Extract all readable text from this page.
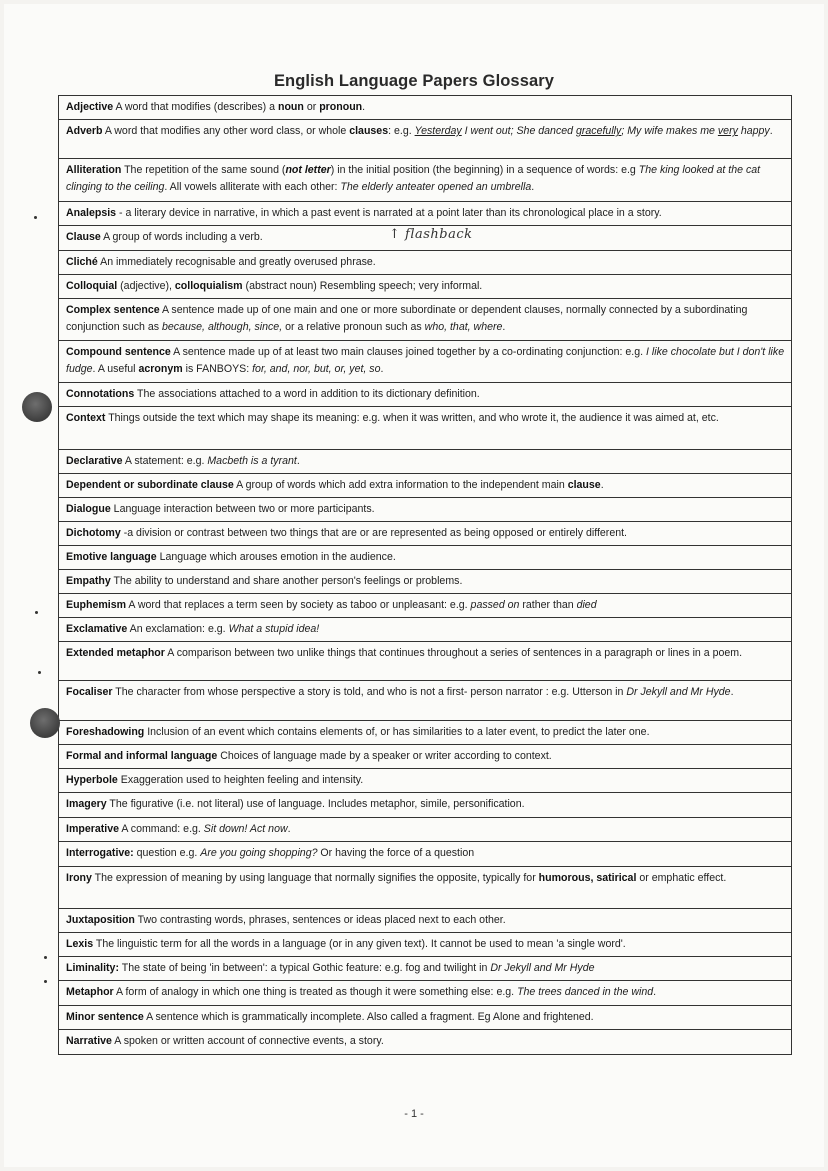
English Language Papers Glossary
Adjective A word that modifies (describes) a noun or pronoun.
Adverb A word that modifies any other word class, or whole clauses: e.g. Yesterday I went out; She danced gracefully; My wife makes me very happy.
Alliteration The repetition of the same sound (not letter) in the initial position (the beginning) in a sequence of words: e.g The king looked at the cat clinging to the ceiling. All vowels alliterate with each other: The elderly anteater opened an umbrella.
Analepsis - a literary device in narrative, in which a past event is narrated at a point later than its chronological place in a story.
Clause A group of words including a verb.	↑ flashback
Cliché An immediately recognisable and greatly overused phrase.
Colloquial (adjective), colloquialism (abstract noun) Resembling speech; very informal.
Complex sentence A sentence made up of one main and one or more subordinate or dependent clauses, normally connected by a subordinating conjunction such as because, although, since, or a relative pronoun such as who, that, where.
Compound sentence A sentence made up of at least two main clauses joined together by a co-ordinating conjunction: e.g. I like chocolate but I don't like fudge. A useful acronym is FANBOYS: for, and, nor, but, or, yet, so.
Connotations The associations attached to a word in addition to its dictionary definition.
Context Things outside the text which may shape its meaning: e.g. when it was written, and who wrote it, the audience it was aimed at, etc.
Declarative A statement: e.g. Macbeth is a tyrant.
Dependent or subordinate clause A group of words which add extra information to the independent main clause.
Dialogue Language interaction between two or more participants.
Dichotomy -a division or contrast between two things that are or are represented as being opposed or entirely different.
Emotive language Language which arouses emotion in the audience.
Empathy The ability to understand and share another person's feelings or problems.
Euphemism A word that replaces a term seen by society as taboo or unpleasant: e.g. passed on rather than died
Exclamative An exclamation: e.g. What a stupid idea!
Extended metaphor A comparison between two unlike things that continues throughout a series of sentences in a paragraph or lines in a poem.
Focaliser The character from whose perspective a story is told, and who is not a first- person narrator : e.g. Utterson in Dr Jekyll and Mr Hyde.
Foreshadowing Inclusion of an event which contains elements of, or has similarities to a later event, to predict the later one.
Formal and informal language Choices of language made by a speaker or writer according to context.
Hyperbole Exaggeration used to heighten feeling and intensity.
Imagery The figurative (i.e. not literal) use of language. Includes metaphor, simile, personification.
Imperative A command: e.g. Sit down! Act now.
Interrogative: question e.g. Are you going shopping? Or having the force of a question
Irony The expression of meaning by using language that normally signifies the opposite, typically for humorous, satirical or emphatic effect.
Juxtaposition Two contrasting words, phrases, sentences or ideas placed next to each other.
Lexis The linguistic term for all the words in a language (or in any given text). It cannot be used to mean 'a single word'.
Liminality: The state of being 'in between': a typical Gothic feature: e.g. fog and twilight in Dr Jekyll and Mr Hyde
Metaphor A form of analogy in which one thing is treated as though it were something else: e.g. The trees danced in the wind.
Minor sentence A sentence which is grammatically incomplete. Also called a fragment. Eg Alone and frightened.
Narrative A spoken or written account of connective events, a story.
- 1 -
